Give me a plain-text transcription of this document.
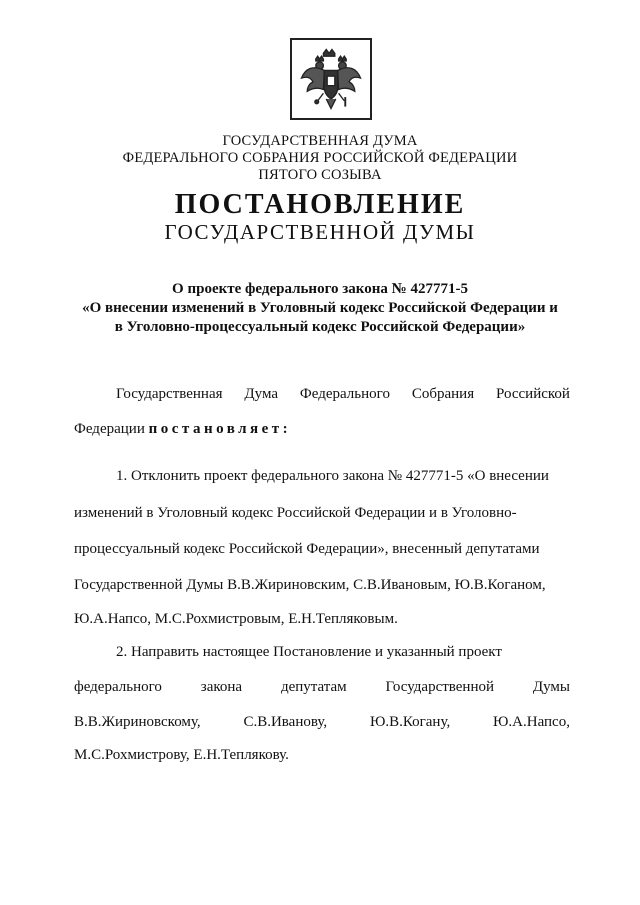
ГОСУДАРСТВЕННАЯ ДУМА
ФЕДЕРАЛЬНОГО СОБРАНИЯ РОССИЙСКОЙ ФЕДЕРАЦИИ
ПЯТОГО СОЗЫВА
ПОСТАНОВЛЕНИЕ
ГОСУДАРСТВЕННОЙ ДУМЫ
О проекте федерального закона № 427771-5
«О внесении изменений в Уголовный кодекс Российской Федерации и
в Уголовно-процессуальный кодекс Российской Федерации»
Государственная Дума Федерального Собрания Российской
Федерации постановляет:
1. Отклонить проект федерального закона № 427771-5 «О внесении
изменений в Уголовный кодекс Российской Федерации и в Уголовно-
процессуальный кодекс Российской Федерации», внесенный депутатами
Государственной Думы В.В.Жириновским, С.В.Ивановым, Ю.В.Коганом,
Ю.А.Напсо, М.С.Рохмистровым, Е.Н.Тепляковым.
2. Направить настоящее Постановление и указанный проект
федерального	закона	депутатам	Государственной	Думы
В.В.Жириновскому,	С.В.Иванову,	Ю.В.Когану,	Ю.А.Напсо,
М.С.Рохмистрову, Е.Н.Теплякову.
